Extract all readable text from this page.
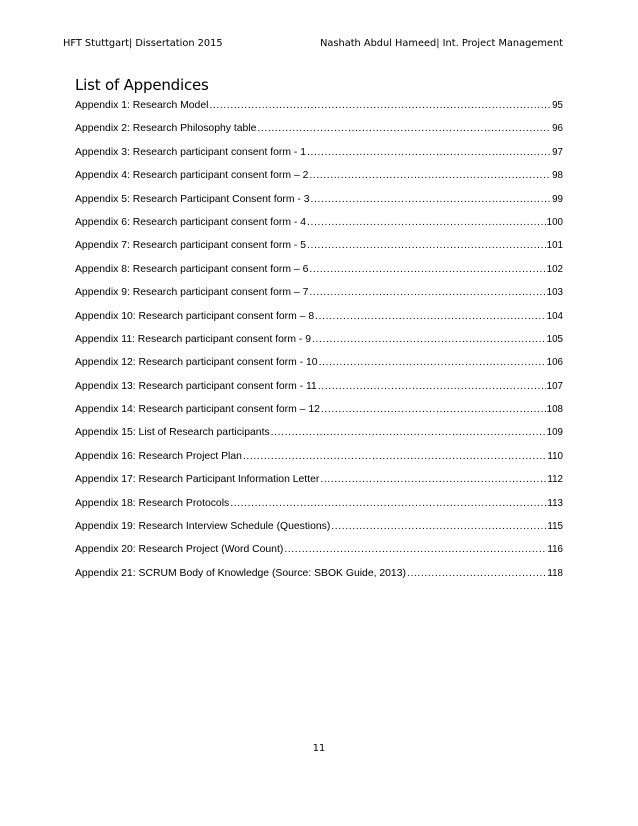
HFT Stuttgart| Dissertation 2015	Nashath Abdul Hameed| Int. Project Management
List of Appendices
Appendix 1: Research Model .....	95
Appendix 2: Research Philosophy table .....	96
Appendix 3: Research participant consent form - 1 .....	97
Appendix 4: Research participant consent form – 2 .....	98
Appendix 5: Research Participant Consent form - 3 .....	99
Appendix 6: Research participant consent form - 4 .....	100
Appendix 7: Research participant consent form - 5 .....	101
Appendix 8: Research participant consent form – 6 .....	102
Appendix 9: Research participant consent form – 7 .....	103
Appendix 10: Research participant consent form – 8 .....	104
Appendix 11: Research participant consent form - 9 .....	105
Appendix 12: Research participant consent form - 10 .....	106
Appendix 13: Research participant consent form - 11 .....	107
Appendix 14: Research participant consent form – 12 .....	108
Appendix 15: List of Research participants .....	109
Appendix 16: Research Project Plan .....	110
Appendix 17: Research Participant Information Letter .....	112
Appendix 18: Research Protocols .....	113
Appendix 19: Research Interview Schedule (Questions) .....	115
Appendix 20: Research Project (Word Count) .....	116
Appendix 21: SCRUM Body of Knowledge (Source: SBOK Guide, 2013) .....	118
11
